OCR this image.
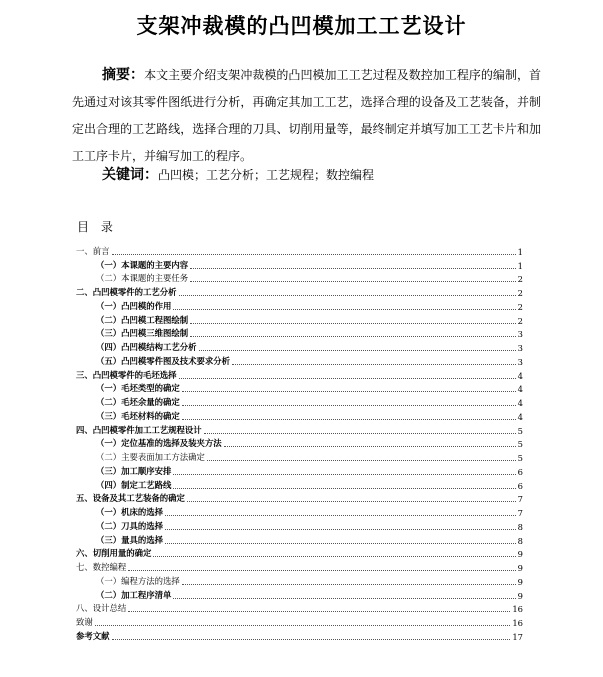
支架冲裁模的凸凹模加工工艺设计
摘要：本文主要介绍支架冲裁模的凸凹模加工工艺过程及数控加工程序的编制，首先通过对该其零件图纸进行分析，再确定其加工工艺，选择合理的设备及工艺装备，并制定出合理的工艺路线，选择合理的刀具、切削用量等，最终制定并填写加工工艺卡片和加工工序卡片，并编写加工的程序。
关键词：凸凹模；工艺分析；工艺规程；数控编程
目 录
一、前言	1
（一）本课题的主要内容	1
（二）本课题的主要任务	2
二、凸凹模零件的工艺分析	2
（一）凸凹模的作用	2
（二）凸凹模工程图绘制	2
（三）凸凹模三维图绘制	3
（四）凸凹模结构工艺分析	3
（五）凸凹模零件图及技术要求分析	3
三、凸凹模零件的毛坯选择	4
（一）毛坯类型的确定	4
（二）毛坯余量的确定	4
（三）毛坯材料的确定	4
四、凸凹模零件加工工艺规程设计	5
（一）定位基准的选择及装夹方法	5
（二）主要表面加工方法确定	5
（三）加工顺序安排	6
（四）制定工艺路线	6
五、设备及其工艺装备的确定	7
（一）机床的选择	7
（二）刀具的选择	8
（三）量具的选择	8
六、切削用量的确定	9
七、数控编程	9
（一）编程方法的选择	9
（二）加工程序清单	9
八、设计总结	16
致谢	16
参考文献	17
